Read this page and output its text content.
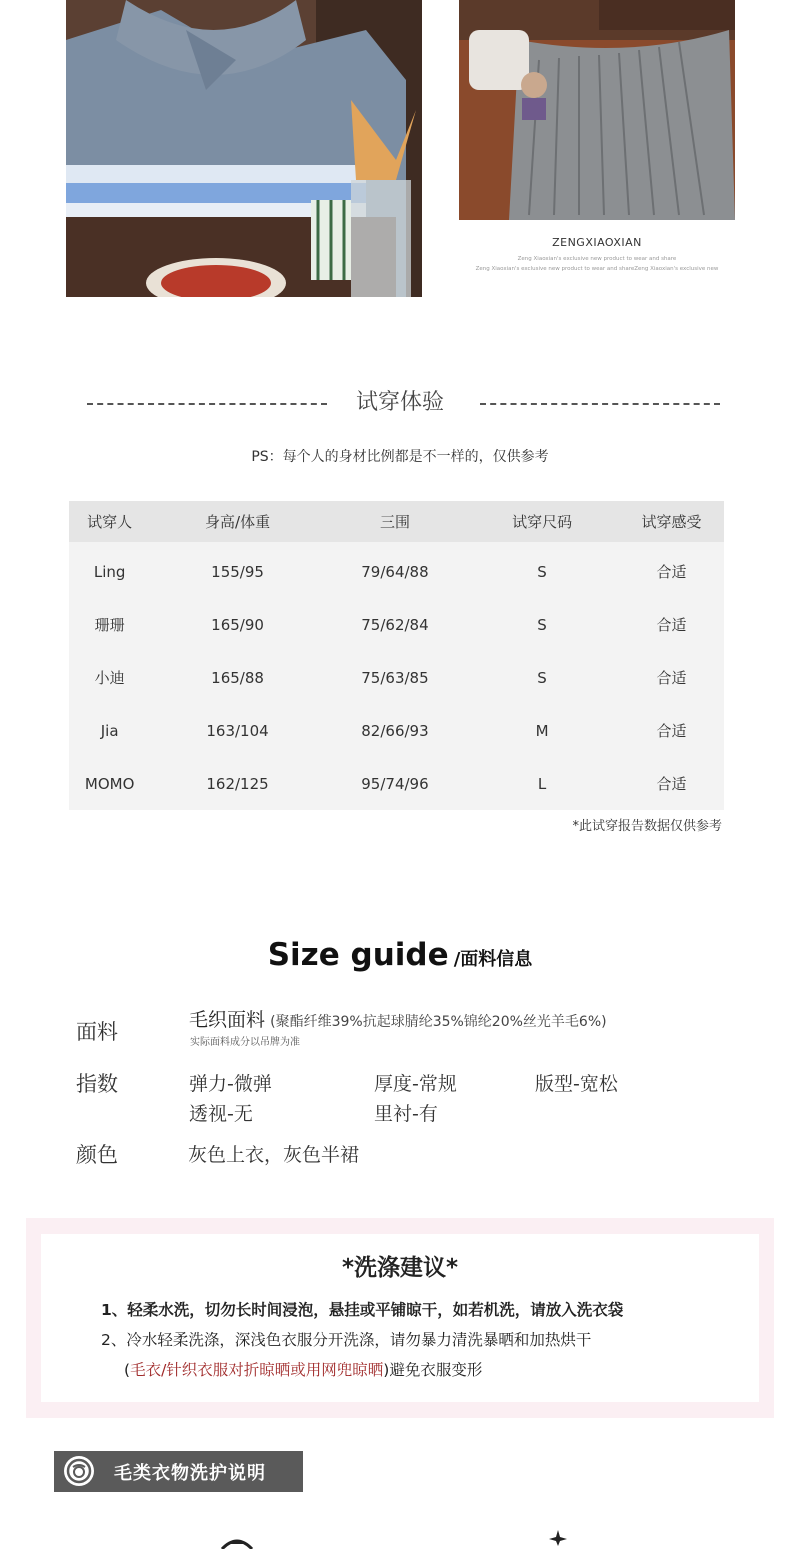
ZENGXIAOXIAN
Zeng Xiaoxian's exclusive new product to wear and share
Zeng Xiaoxian's exclusive new product to wear and shareZeng Xiaoxian's exclusive new
试穿体验
PS：每个人的身材比例都是不一样的，仅供参考
试穿人	身高/体重	三围	试穿尺码	试穿感受
Ling	155/95	79/64/88	S	合适
珊珊	165/90	75/62/84	S	合适
小迪	165/88	75/63/85	S	合适
Jia	163/104	82/66/93	M	合适
MOMO	162/125	95/74/96	L	合适
*此试穿报告数据仅供参考
Size guide /面料信息
面料	毛织面料 (聚酯纤维39%抗起球腈纶35%锦纶20%丝光羊毛6%)
实际面料成分以吊牌为准
指数	弹力-微弹	厚度-常规	版型-宽松
透视-无	里衬-有
颜色	灰色上衣，灰色半裙
*洗涤建议*
1、轻柔水洗，切勿长时间浸泡，悬挂或平铺晾干，如若机洗，请放入洗衣袋
2、冷水轻柔洗涤，深浅色衣服分开洗涤，请勿暴力清洗暴晒和加热烘干
(毛衣/针织衣服对折晾晒或用网兜晾晒)避免衣服变形
毛类衣物洗护说明
